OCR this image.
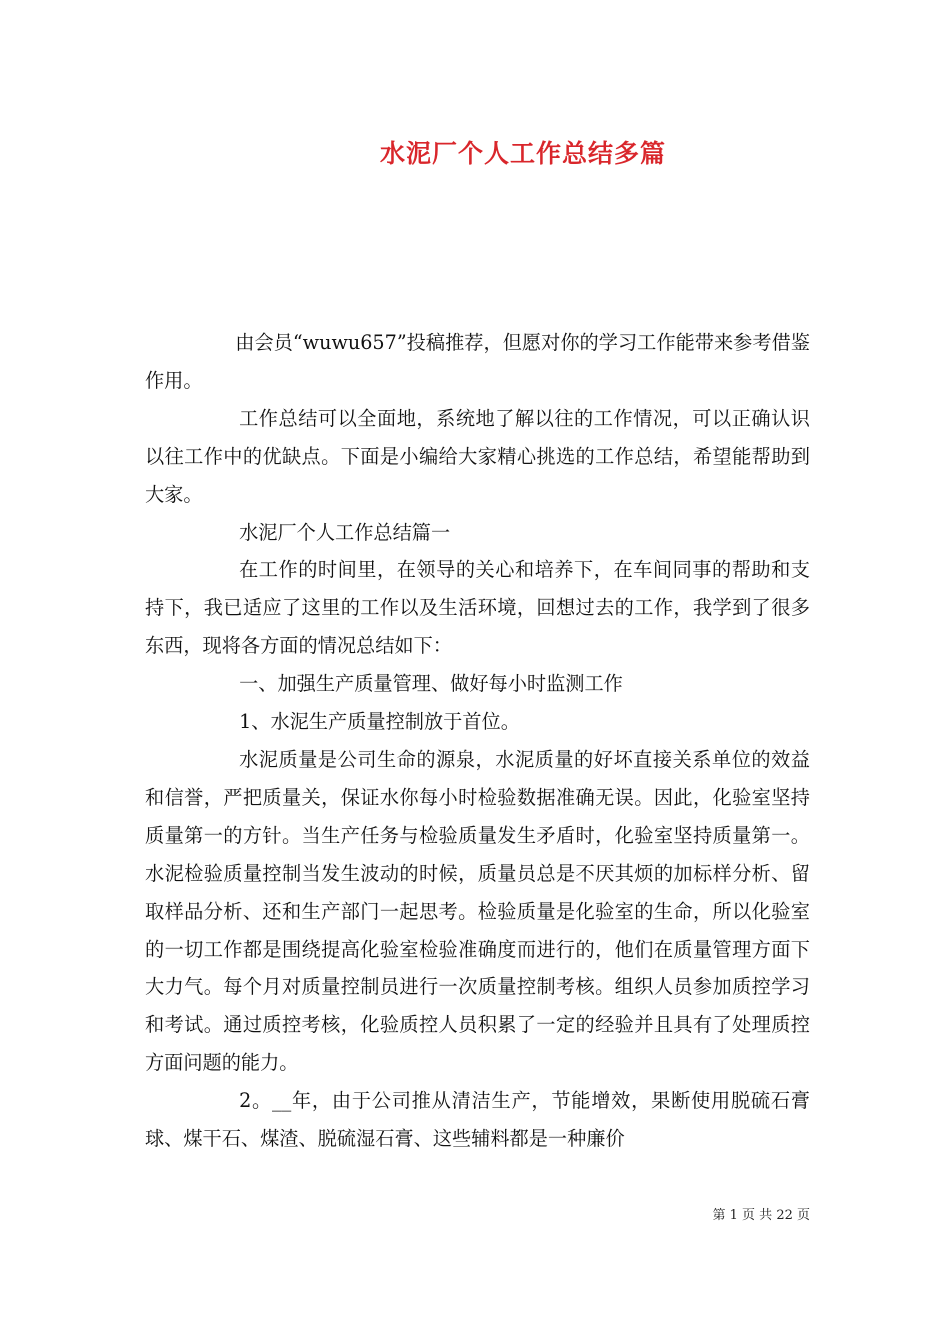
水泥厂个人工作总结多篇

由会员“wuwu657”投稿推荐，但愿对你的学习工作能带来参考借鉴作用。

工作总结可以全面地，系统地了解以往的工作情况，可以正确认识以往工作中的优缺点。下面是小编给大家精心挑选的工作总结，希望能帮助到大家。

水泥厂个人工作总结篇一

在工作的时间里，在领导的关心和培养下，在车间同事的帮助和支持下，我已适应了这里的工作以及生活环境，回想过去的工作，我学到了很多东西，现将各方面的情况总结如下：

一、加强生产质量管理、做好每小时监测工作

1、水泥生产质量控制放于首位。

水泥质量是公司生命的源泉，水泥质量的好坏直接关系单位的效益和信誉，严把质量关，保证水你每小时检验数据准确无误。因此，化验室坚持质量第一的方针。当生产任务与检验质量发生矛盾时，化验室坚持质量第一。水泥检验质量控制当发生波动的时候，质量员总是不厌其烦的加标样分析、留取样品分析、还和生产部门一起思考。检验质量是化验室的生命，所以化验室的一切工作都是围绕提高化验室检验准确度而进行的，他们在质量管理方面下大力气。每个月对质量控制员进行一次质量控制考核。组织人员参加质控学习和考试。通过质控考核，化验质控人员积累了一定的经验并且具有了处理质控方面问题的能力。

2。__年，由于公司推从清洁生产，节能增效，果断使用脱硫石膏球、煤干石、煤渣、脱硫湿石膏、这些辅料都是一种廉价

第 1 页 共 22 页
